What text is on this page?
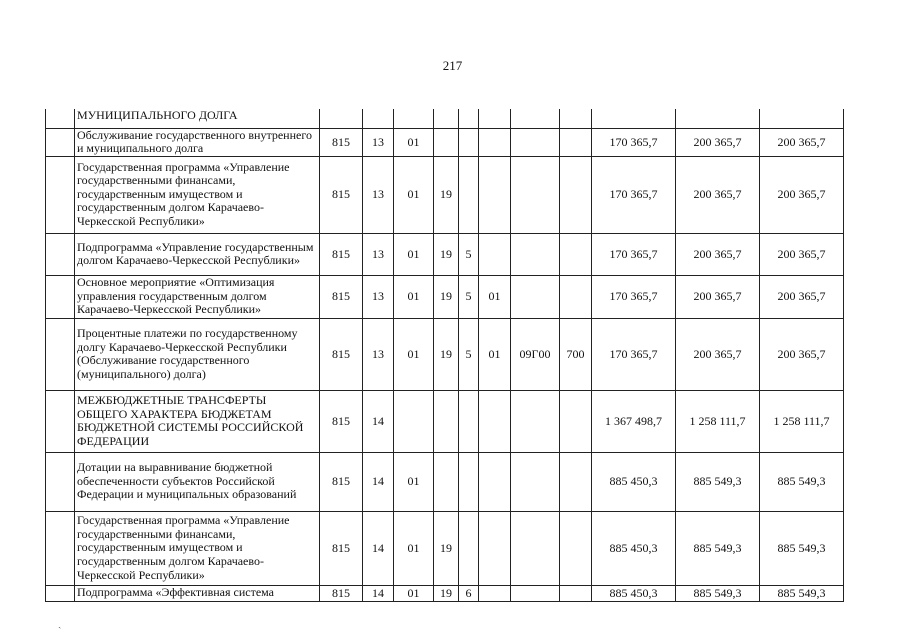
217
	МУНИЦИПАЛЬНОГО ДОЛГА											
	Обслуживание государственного внутреннего и муниципального долга	815	13	01						170 365,7	200 365,7	200 365,7
	Государственная программа «Управление государственными финансами, государственным имуществом и государственным долгом Карачаево-Черкесской Республики»	815	13	01	19					170 365,7	200 365,7	200 365,7
	Подпрограмма «Управление государственным долгом Карачаево-Черкесской Республики»	815	13	01	19	5				170 365,7	200 365,7	200 365,7
	Основное мероприятие «Оптимизация управления государственным долгом Карачаево-Черкесской Республики»	815	13	01	19	5	01			170 365,7	200 365,7	200 365,7
	Процентные платежи по государственному долгу Карачаево-Черкесской Республики (Обслуживание государственного (муниципального) долга)	815	13	01	19	5	01	09Г00	700	170 365,7	200 365,7	200 365,7
	МЕЖБЮДЖЕТНЫЕ ТРАНСФЕРТЫ ОБЩЕГО ХАРАКТЕРА БЮДЖЕТАМ БЮДЖЕТНОЙ СИСТЕМЫ РОССИЙСКОЙ ФЕДЕРАЦИИ	815	14							1 367 498,7	1 258 111,7	1 258 111,7
	Дотации на выравнивание бюджетной обеспеченности субъектов Российской Федерации и муниципальных образований	815	14	01						885 450,3	885 549,3	885 549,3
	Государственная программа «Управление государственными финансами, государственным имуществом и государственным долгом Карачаево-Черкесской Республики»	815	14	01	19					885 450,3	885 549,3	885 549,3
	Подпрограмма «Эффективная система	815	14	01	19	6				885 450,3	885 549,3	885 549,3
ˏ
